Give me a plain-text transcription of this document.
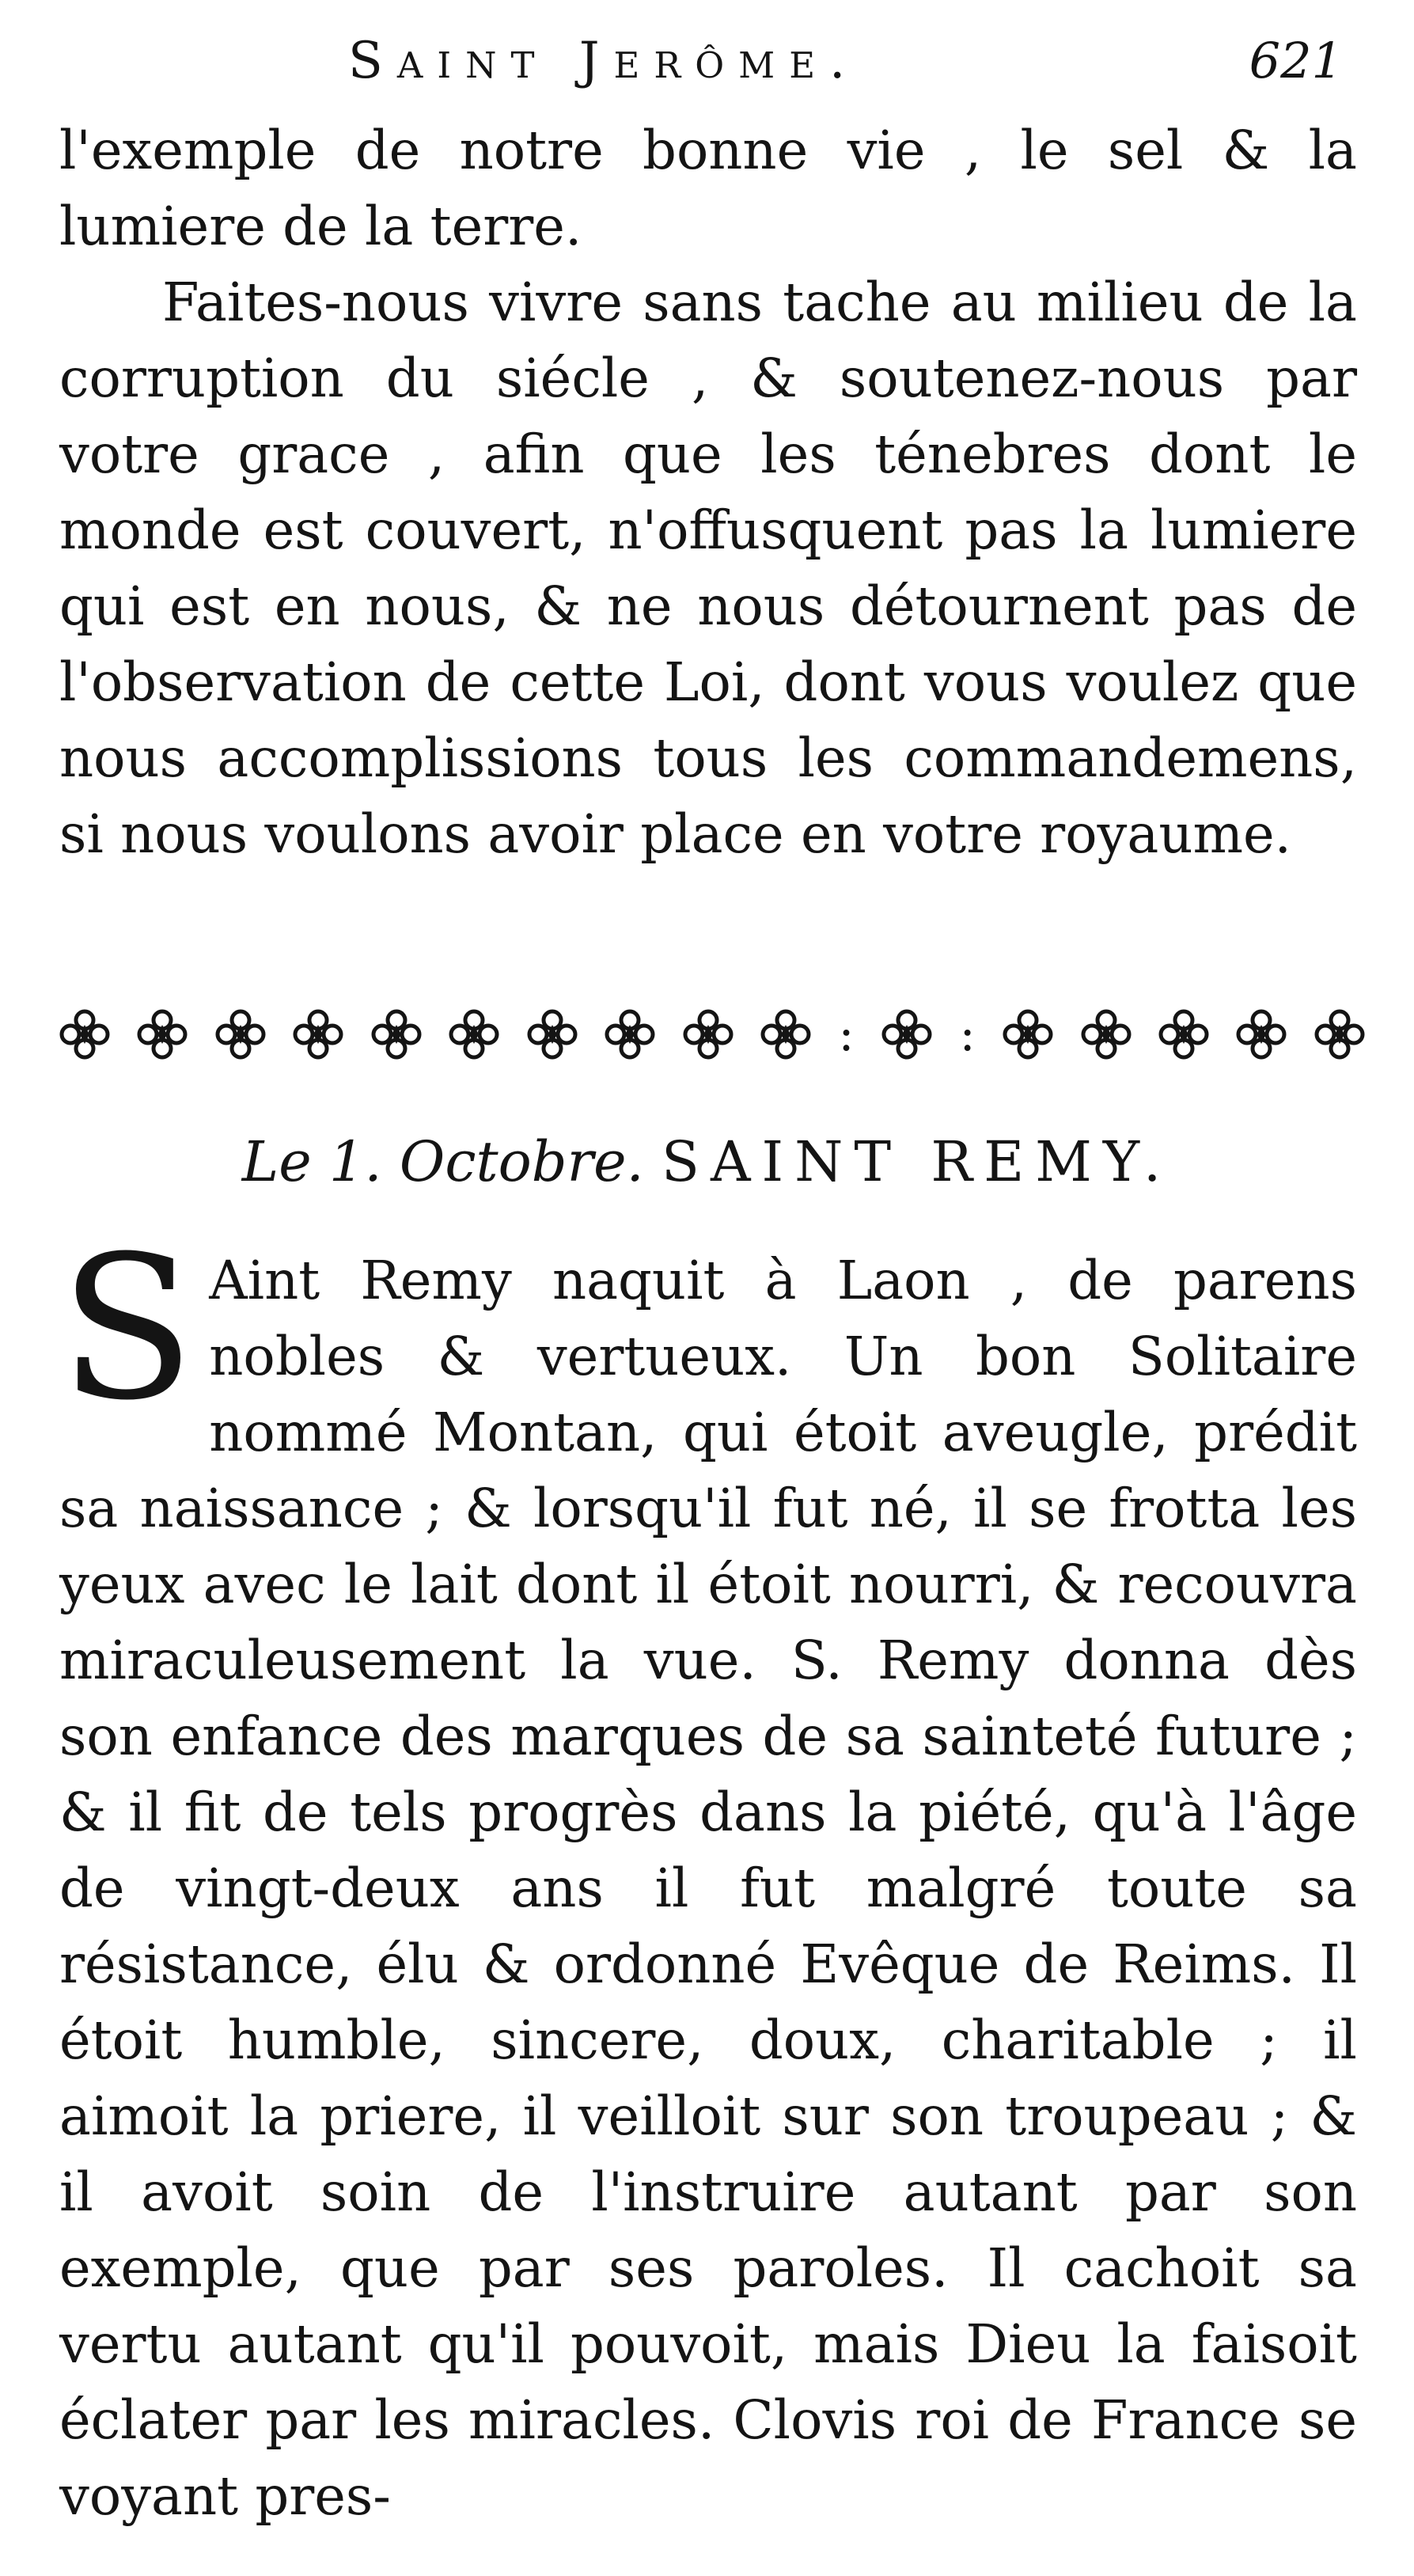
Saint Jerôme.	621

l'exemple de notre bonne vie , le sel & la lumiere de la terre.

Faites-nous vivre sans tache au milieu de la corruption du siécle , & soutenez-nous par votre grace , afin que les ténebres dont le monde est couvert, n'offusquent pas la lumiere qui est en nous, & ne nous détournent pas de l'observation de cette Loi, dont vous voulez que nous accomplissions tous les commandemens, si nous voulons avoir place en votre royaume.

: :
Le 1. Octobre. SAINT REMY.

S Aint Remy naquit à Laon , de parens nobles & vertueux. Un bon Solitaire nommé Montan, qui étoit aveugle, prédit sa naissance ; & lorsqu'il fut né, il se frotta les yeux avec le lait dont il étoit nourri, & recouvra miraculeusement la vue. S. Remy donna dès son enfance des marques de sa sainteté future ; & il fit de tels progrès dans la piété, qu'à l'âge de vingt-deux ans il fut malgré toute sa résistance, élu & ordonné Evêque de Reims. Il étoit humble, sincere, doux, charitable ; il aimoit la priere, il veilloit sur son troupeau ; & il avoit soin de l'instruire autant par son exemple, que par ses paroles. Il cachoit sa vertu autant qu'il pouvoit, mais Dieu la faisoit éclater par les miracles. Clovis roi de France se voyant pres-
